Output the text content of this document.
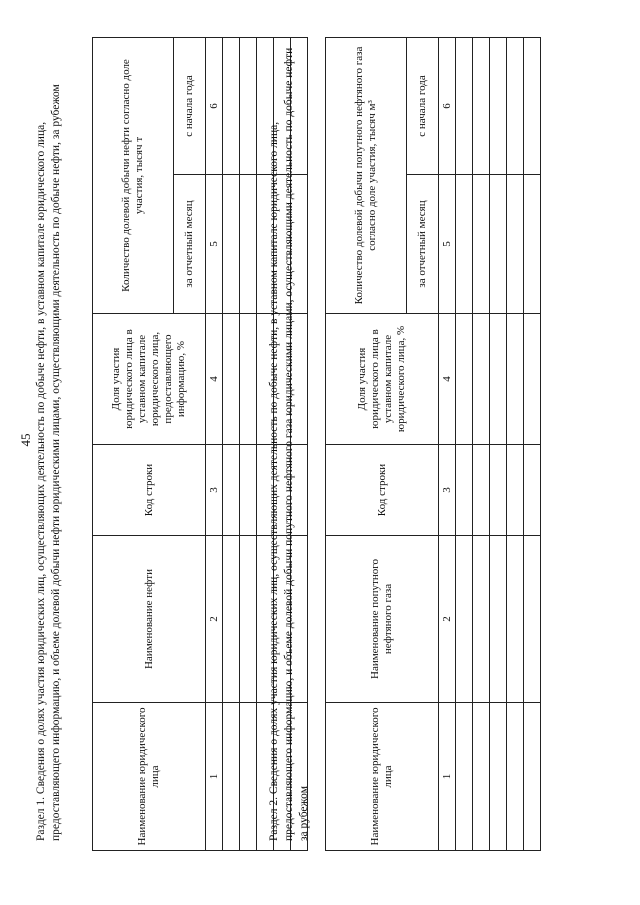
45 Раздел 1. Сведения о долях участия юридических лиц, осуществляющих деятельность по добыче нефти, в уставном капитале юридического лица, предоставляющего информацию, и объеме долевой добычи нефти юридическими лицами, осуществляющими деятельность по добыче нефти, за рубежом	Наименование юридического лица	Наименование нефти	Код строки	Доля участия юридического лица в уставном капитале юридического лица, предоставляющего информацию, %	Количество долевой добычи нефти согласно доле участия, тысяч т	
				за отчетный месяц	с начала года
1	2	3	4	5	6

Раздел 2. Сведения о долях участия юридических лиц, осуществляющих деятельность по добыче нефти, в уставном капитале юридического лица, предоставляющего информацию, и объеме долевой добычи попутного нефтяного газа юридическими лицами, осуществляющими деятельность по добыче нефти за рубежом	Наименование юридического лица	Наименование попутного нефтяного газа	Код строки	Доля участия юридического лица в уставном капитале юридического лица, %	Количество долевой добычи попутного нефтяного газа согласно доле участия, тысяч м³	
				за отчетный месяц	с начала года
1	2	3	4	5	6
